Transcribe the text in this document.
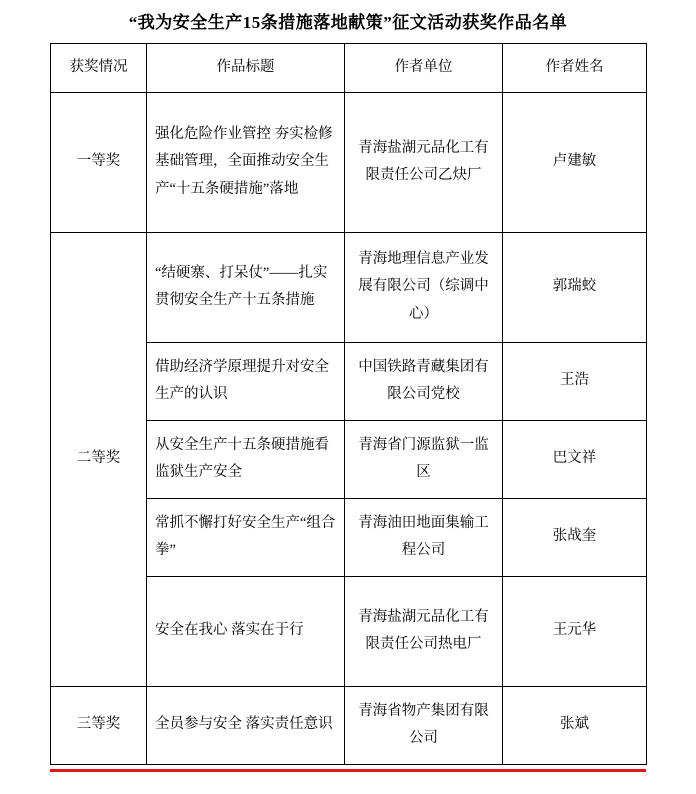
“我为安全生产15条措施落地献策”征文活动获奖作品名单
获奖情况	作品标题	作者单位	作者姓名
一等奖	强化危险作业管控 夯实检修基础管理，全面推动安全生产“十五条硬措施”落地	青海盐湖元品化工有限责任公司乙炔厂	卢建敏
二等奖	“结硬寨、打呆仗”——扎实贯彻安全生产十五条措施	青海地理信息产业发展有限公司（综调中心）	郭瑞蛟
	借助经济学原理提升对安全生产的认识	中国铁路青藏集团有限公司党校	王浩
	从安全生产十五条硬措施看监狱生产安全	青海省门源监狱一监区	巴文祥
	常抓不懈打好安全生产“组合拳”	青海油田地面集输工程公司	张战奎
	安全在我心 落实在于行	青海盐湖元品化工有限责任公司热电厂	王元华
三等奖	全员参与安全 落实责任意识	青海省物产集团有限公司	张斌
